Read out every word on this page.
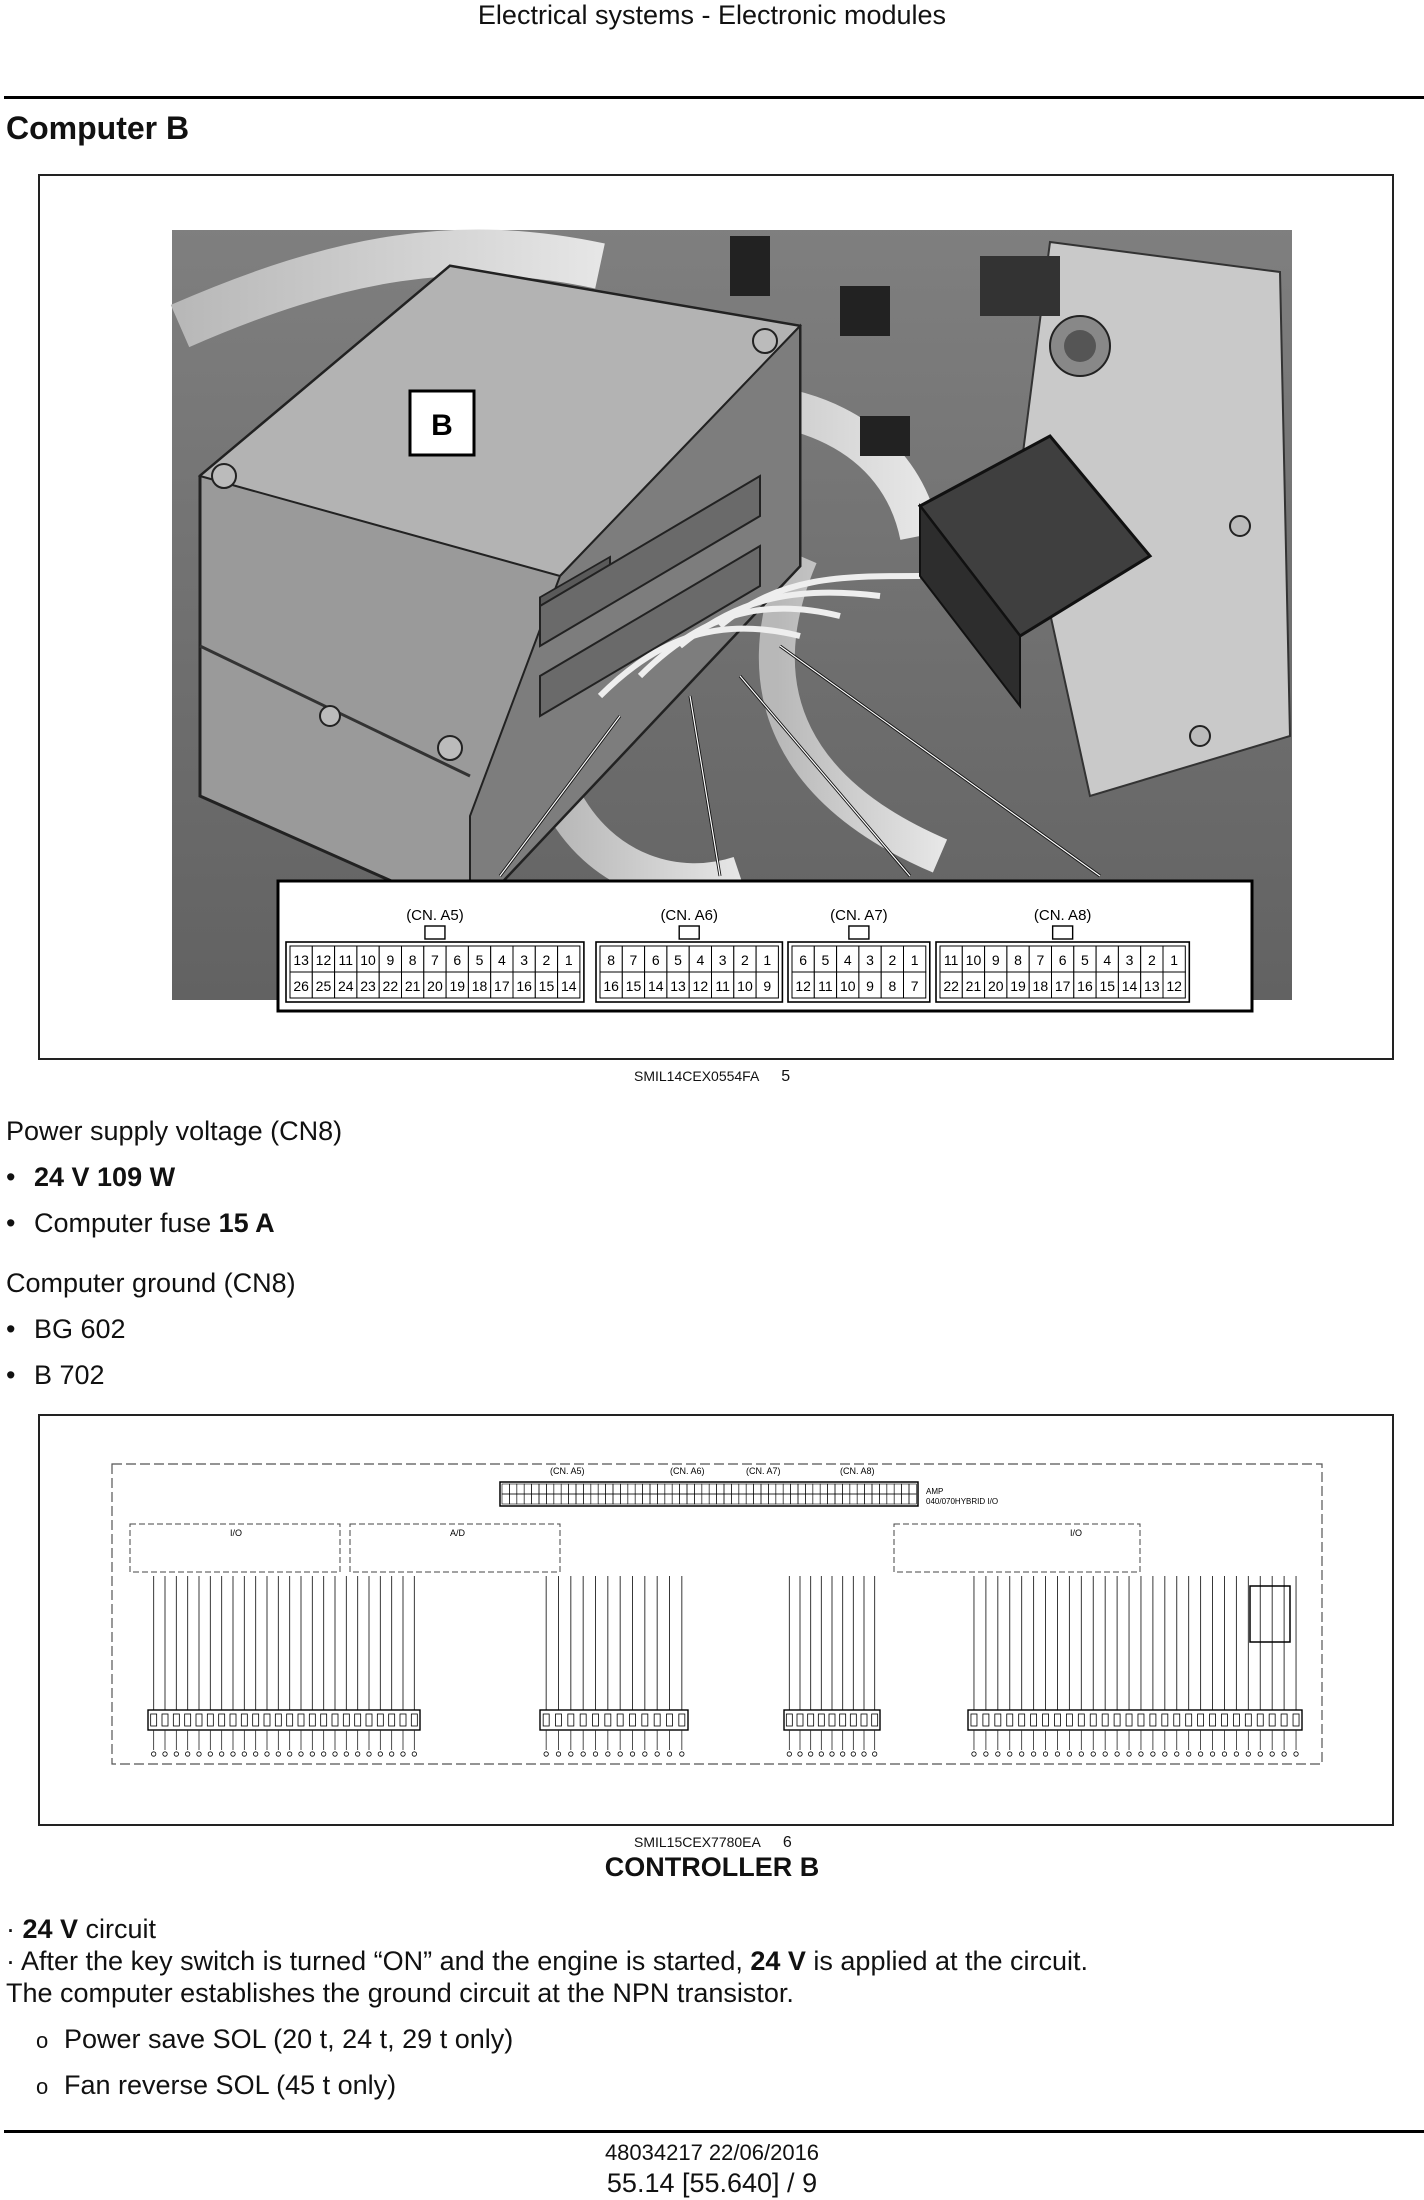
Electrical systems - Electronic modules
Computer B
B
(CN. A5)
13 12 11 10 9 8 7 6 5 4 3 2 1
26 25 24 23 22 21 20 19 18 17 16 15 14
(CN. A6)
8 7 6 5 4 3 2 1
16 15 14 13 12 11 10 9
(CN. A7)
6 5 4 3 2 1
12 11 10 9 8 7
(CN. A8)
11 10 9 8 7 6 5 4 3 2 1
22 21 20 19 18 17 16 15 14 13 12
SMIL14CEX0554FA 5
Power supply voltage (CN8)
• 24 V 109 W
• Computer fuse 15 A
Computer ground (CN8)
• BG 602
• B 702
(CN. A5)	(CN. A6)	(CN. A7)	(CN. A8)
AMP
040/070HYBRID I/O
I/O	A/D	I/O
SMIL15CEX7780EA 6
CONTROLLER B
· 24 V circuit
· After the key switch is turned “ON” and the engine is started, 24 V is applied at the circuit.
The computer establishes the ground circuit at the NPN transistor.
o Power save SOL (20 t, 24 t, 29 t only)
o Fan reverse SOL (45 t only)
48034217 22/06/2016
55.14 [55.640] / 9
